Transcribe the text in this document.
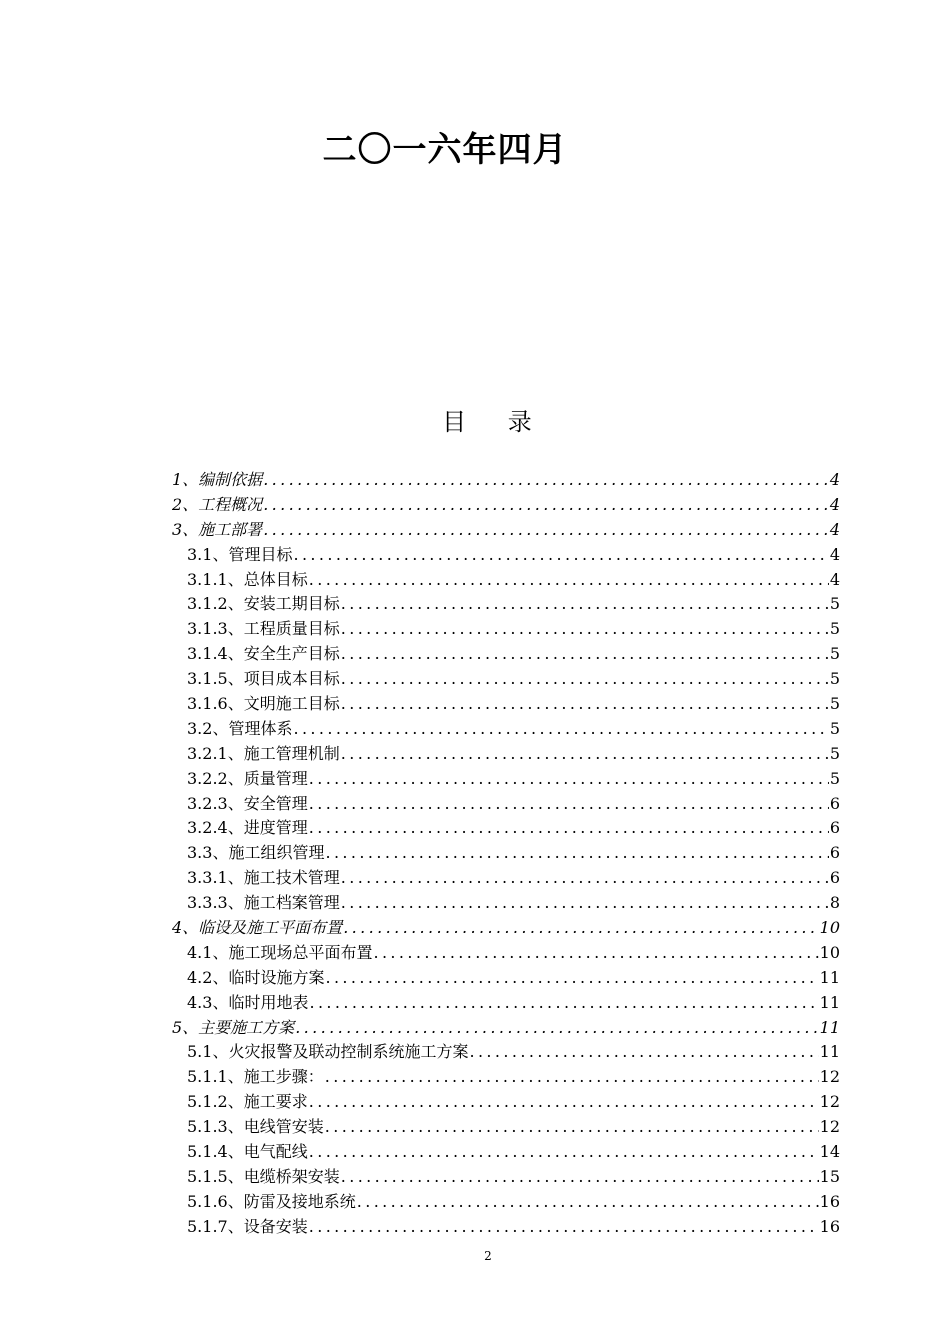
二〇一六年四月
目 录
1、编制依据 .....	4
2、工程概况 .....	4
3、施工部署 .....	4
3.1、管理目标 .....	4
3.1.1、总体目标 .....	4
3.1.2、安装工期目标 .....	5
3.1.3、工程质量目标 .....	5
3.1.4、安全生产目标 .....	5
3.1.5、项目成本目标 .....	5
3.1.6、文明施工目标 .....	5
3.2、管理体系 .....	5
3.2.1、施工管理机制 .....	5
3.2.2、质量管理 .....	5
3.2.3、安全管理 .....	6
3.2.4、进度管理 .....	6
3.3、施工组织管理 .....	6
3.3.1、施工技术管理 .....	6
3.3.3、施工档案管理 .....	8
4、临设及施工平面布置 .....	10
4.1、施工现场总平面布置 .....	10
4.2、临时设施方案 .....	11
4.3、临时用地表 .....	11
5、主要施工方案 .....	11
5.1、火灾报警及联动控制系统施工方案 .....	11
5.1.1、施工步骤： .....	12
5.1.2、施工要求 .....	12
5.1.3、电线管安装 .....	12
5.1.4、电气配线 .....	14
5.1.5、电缆桥架安装 .....	15
5.1.6、防雷及接地系统 .....	16
5.1.7、设备安装 .....	16
2
